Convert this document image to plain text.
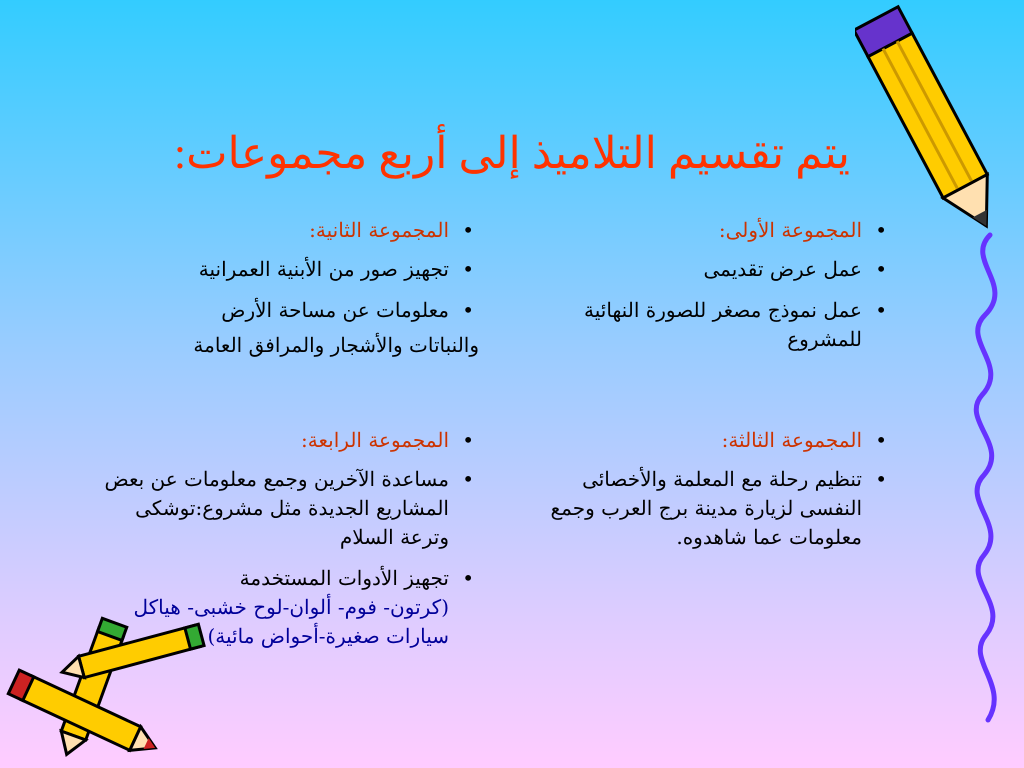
يتم تقسيم التلاميذ إلى أربع مجموعات:
• المجموعة الأولى:
• عمل عرض تقديمى
• عمل نموذج مصغر للصورة النهائية للمشروع
• المجموعة الثانية:
• تجهيز صور من الأبنية العمرانية
• معلومات عن مساحة الأرض
والنباتات والأشجار والمرافق العامة
• المجموعة الثالثة:
• تنظيم رحلة مع المعلمة والأخصائى النفسى لزيارة مدينة برج العرب وجمع معلومات عما شاهدوه.
• المجموعة الرابعة:
• مساعدة الآخرين وجمع معلومات عن بعض المشاريع الجديدة مثل مشروع:توشكى وترعة السلام
• تجهيز الأدوات المستخدمة
(كرتون- فوم- ألوان-لوح خشبى- هياكل سيارات صغيرة-أحواض مائية)
